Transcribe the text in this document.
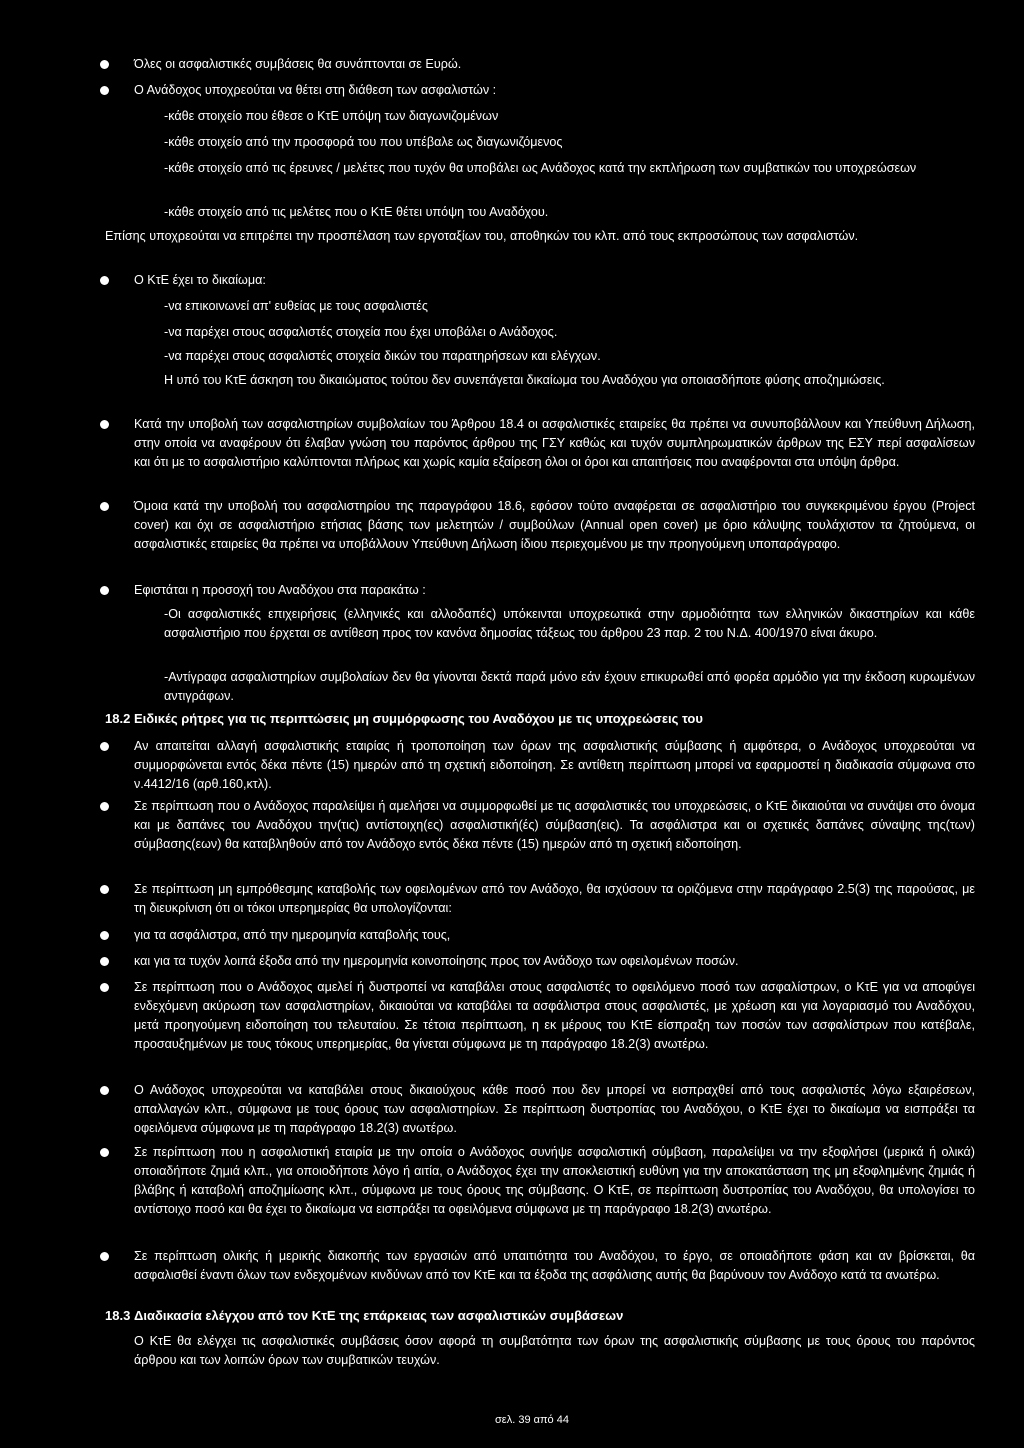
Όλες οι ασφαλιστικές συμβάσεις θα συνάπτονται σε Ευρώ.
Ο Ανάδοχος υποχρεούται να θέτει στη διάθεση των ασφαλιστών :
-κάθε στοιχείο που έθεσε ο ΚτΕ υπόψη των διαγωνιζομένων
-κάθε στοιχείο από την προσφορά του που υπέβαλε ως διαγωνιζόμενος
-κάθε στοιχείο από τις έρευνες / μελέτες που τυχόν θα υποβάλει ως Ανάδοχος κατά την εκπλήρωση των συμβατικών του υποχρεώσεων
-κάθε στοιχείο από τις μελέτες που ο ΚτΕ θέτει υπόψη του Αναδόχου.
Επίσης υποχρεούται να επιτρέπει την προσπέλαση των εργοταξίων του, αποθηκών του κλπ. από τους εκπροσώπους των ασφαλιστών.
Ο ΚτΕ έχει το δικαίωμα:
-να επικοινωνεί απ' ευθείας με τους ασφαλιστές
-να παρέχει στους ασφαλιστές στοιχεία που έχει υποβάλει ο Ανάδοχος.
-να παρέχει στους ασφαλιστές στοιχεία δικών του παρατηρήσεων και ελέγχων.
Η υπό του ΚτΕ άσκηση του δικαιώματος τούτου δεν συνεπάγεται δικαίωμα του Αναδόχου για οποιασδήποτε φύσης αποζημιώσεις.
Κατά την υποβολή των ασφαλιστηρίων συμβολαίων του Άρθρου 18.4 οι ασφαλιστικές εταιρείες θα πρέπει να συνυποβάλλουν και Υπεύθυνη Δήλωση, στην οποία να αναφέρουν ότι έλαβαν γνώση του παρόντος άρθρου της ΓΣΥ καθώς και τυχόν συμπληρωματικών άρθρων της ΕΣΥ περί ασφαλίσεων και ότι με το ασφαλιστήριο καλύπτονται πλήρως και χωρίς καμία εξαίρεση όλοι οι όροι και απαιτήσεις που αναφέρονται στα υπόψη άρθρα.
Όμοια κατά την υποβολή του ασφαλιστηρίου της παραγράφου 18.6, εφόσον τούτο αναφέρεται σε ασφαλιστήριο του συγκεκριμένου έργου (Project cover) και όχι σε ασφαλιστήριο ετήσιας βάσης των μελετητών / συμβούλων (Annual open cover) με όριο κάλυψης τουλάχιστον τα ζητούμενα, οι ασφαλιστικές εταιρείες θα πρέπει να υποβάλλουν Υπεύθυνη Δήλωση ίδιου περιεχομένου με την προηγούμενη υποπαράγραφο.
Εφιστάται η προσοχή του Αναδόχου στα παρακάτω :
-Οι ασφαλιστικές επιχειρήσεις (ελληνικές και αλλοδαπές) υπόκεινται υποχρεωτικά στην αρμοδιότητα των ελληνικών δικαστηρίων και κάθε ασφαλιστήριο που έρχεται σε αντίθεση προς τον κανόνα δημοσίας τάξεως του άρθρου 23 παρ. 2 του Ν.Δ. 400/1970 είναι άκυρο.
-Αντίγραφα ασφαλιστηρίων συμβολαίων δεν θα γίνονται δεκτά παρά μόνο εάν έχουν επικυρωθεί από φορέα αρμόδιο για την έκδοση κυρωμένων αντιγράφων.
18.2 Ειδικές ρήτρες για τις περιπτώσεις μη συμμόρφωσης του Αναδόχου με τις υποχρεώσεις του
Αν απαιτείται αλλαγή ασφαλιστικής εταιρίας ή τροποποίηση των όρων της ασφαλιστικής σύμβασης ή αμφότερα, ο Ανάδοχος υποχρεούται να συμμορφώνεται εντός δέκα πέντε (15) ημερών από τη σχετική ειδοποίηση. Σε αντίθετη περίπτωση μπορεί να εφαρμοστεί η διαδικασία σύμφωνα στο ν.4412/16 (αρθ.160,κτλ).
Σε περίπτωση που ο Ανάδοχος παραλείψει ή αμελήσει να συμμορφωθεί με τις ασφαλιστικές του υποχρεώσεις, ο ΚτΕ δικαιούται να συνάψει στο όνομα και με δαπάνες του Αναδόχου την(τις) αντίστοιχη(ες) ασφαλιστική(ές) σύμβαση(εις). Τα ασφάλιστρα και οι σχετικές δαπάνες σύναψης της(των) σύμβασης(εων) θα καταβληθούν από τον Ανάδοχο εντός δέκα πέντε (15) ημερών από τη σχετική ειδοποίηση.
Σε περίπτωση μη εμπρόθεσμης καταβολής των οφειλομένων από τον Ανάδοχο, θα ισχύσουν τα οριζόμενα στην παράγραφο 2.5(3) της παρούσας, με τη διευκρίνιση ότι οι τόκοι υπερημερίας θα υπολογίζονται:
για τα ασφάλιστρα, από την ημερομηνία καταβολής τους,
και για τα τυχόν λοιπά έξοδα από την ημερομηνία κοινοποίησης προς τον Ανάδοχο των οφειλομένων ποσών.
Σε περίπτωση που ο Ανάδοχος αμελεί ή δυστροπεί να καταβάλει στους ασφαλιστές το οφειλόμενο ποσό των ασφαλίστρων, ο ΚτΕ για να αποφύγει ενδεχόμενη ακύρωση των ασφαλιστηρίων, δικαιούται να καταβάλει τα ασφάλιστρα στους ασφαλιστές, με χρέωση και για λογαριασμό του Αναδόχου, μετά προηγούμενη ειδοποίηση του τελευταίου. Σε τέτοια περίπτωση, η εκ μέρους του ΚτΕ είσπραξη των ποσών των ασφαλίστρων που κατέβαλε, προσαυξημένων με τους τόκους υπερημερίας, θα γίνεται σύμφωνα με τη παράγραφο 18.2(3) ανωτέρω.
Ο Ανάδοχος υποχρεούται να καταβάλει στους δικαιούχους κάθε ποσό που δεν μπορεί να εισπραχθεί από τους ασφαλιστές λόγω εξαιρέσεων, απαλλαγών κλπ., σύμφωνα με τους όρους των ασφαλιστηρίων. Σε περίπτωση δυστροπίας του Αναδόχου, ο ΚτΕ έχει το δικαίωμα να εισπράξει τα οφειλόμενα σύμφωνα με τη παράγραφο 18.2(3) ανωτέρω.
Σε περίπτωση που η ασφαλιστική εταιρία με την οποία ο Ανάδοχος συνήψε ασφαλιστική σύμβαση, παραλείψει να την εξοφλήσει (μερικά ή ολικά) οποιαδήποτε ζημιά κλπ., για οποιοδήποτε λόγο ή αιτία, ο Ανάδοχος έχει την αποκλειστική ευθύνη για την αποκατάσταση της μη εξοφλημένης ζημιάς ή βλάβης ή καταβολή αποζημίωσης κλπ., σύμφωνα με τους όρους της σύμβασης. Ο ΚτΕ, σε περίπτωση δυστροπίας του Αναδόχου, θα υπολογίσει το αντίστοιχο ποσό και θα έχει το δικαίωμα να εισπράξει τα οφειλόμενα σύμφωνα με τη παράγραφο 18.2(3) ανωτέρω.
Σε περίπτωση ολικής ή μερικής διακοπής των εργασιών από υπαιτιότητα του Αναδόχου, το έργο, σε οποιαδήποτε φάση και αν βρίσκεται, θα ασφαλισθεί έναντι όλων των ενδεχομένων κινδύνων από τον ΚτΕ και τα έξοδα της ασφάλισης αυτής θα βαρύνουν τον Ανάδοχο κατά τα ανωτέρω.
18.3 Διαδικασία ελέγχου από τον ΚτΕ της επάρκειας των ασφαλιστικών συμβάσεων
Ο ΚτΕ θα ελέγχει τις ασφαλιστικές συμβάσεις όσον αφορά τη συμβατότητα των όρων της ασφαλιστικής σύμβασης με τους όρους του παρόντος άρθρου και των λοιπών όρων των συμβατικών τευχών.
σελ. 39 από 44
